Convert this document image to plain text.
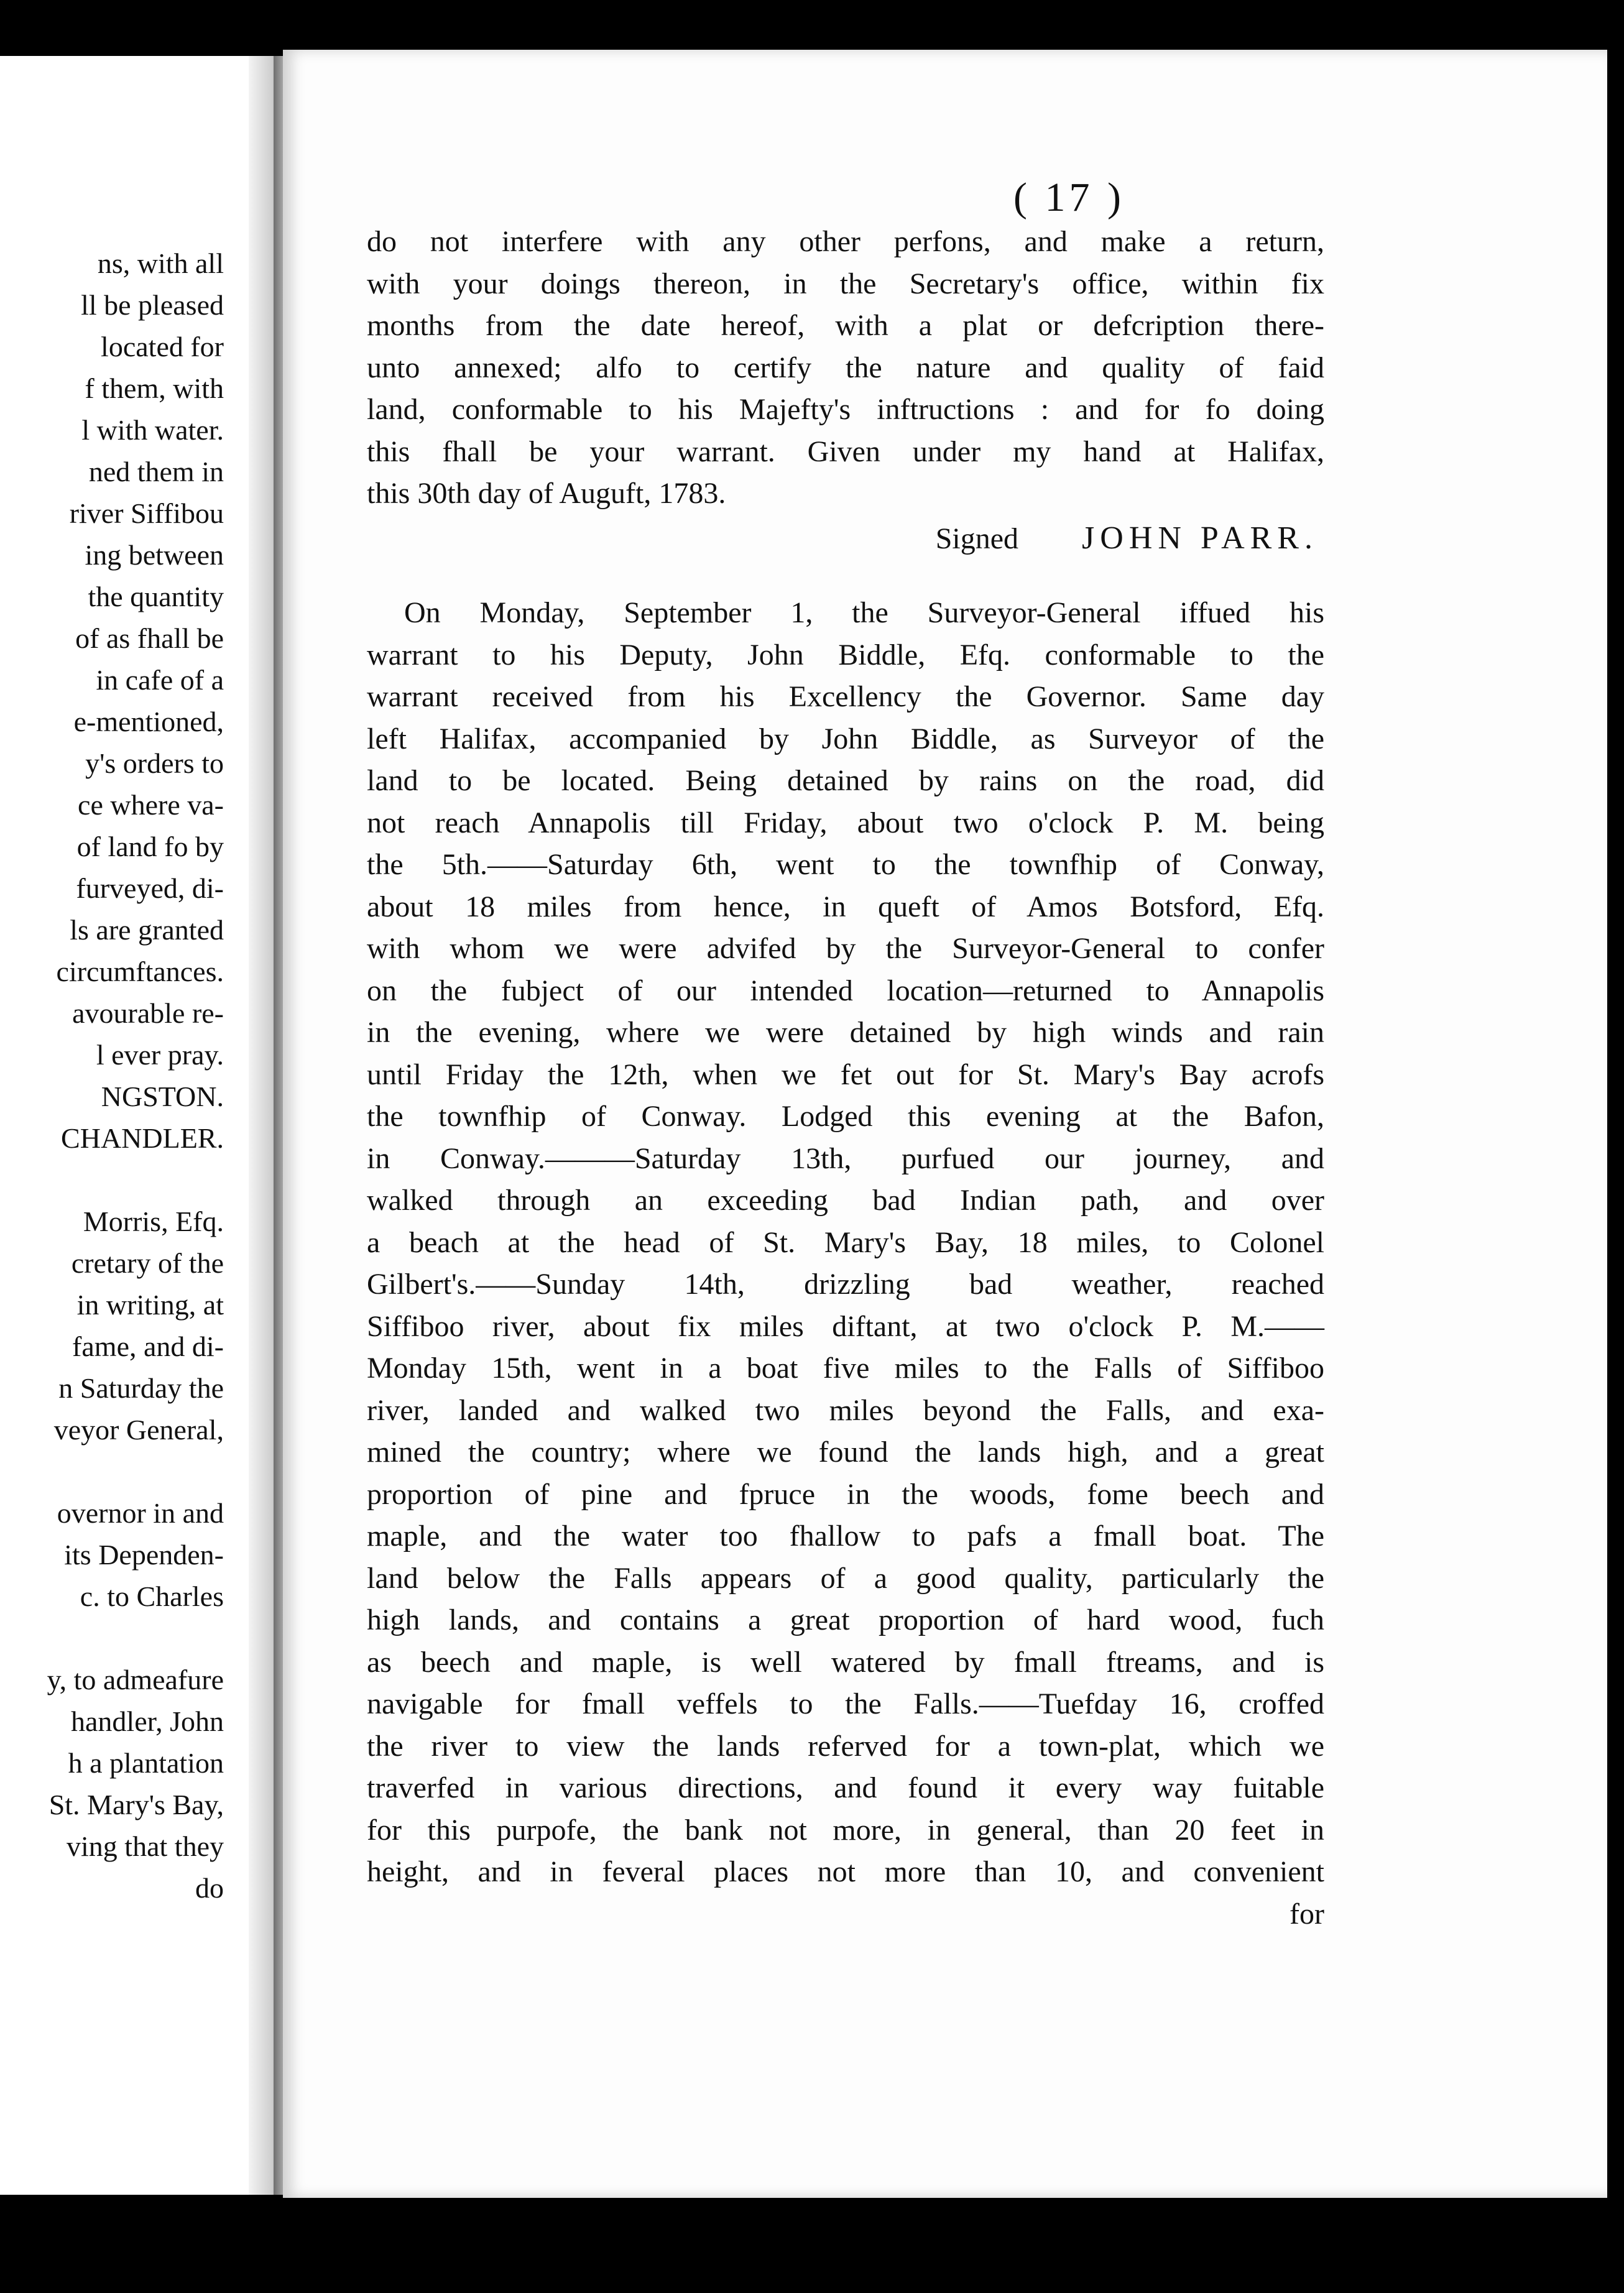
ns, with all
ll be pleased
located for
f them, with
l with water.
ned them in
river Siffibou
ing between
the quantity
of as fhall be
in cafe of a
e-mentioned,
y's orders to
ce where va-
of land fo by
furveyed, di-
ls are granted
circumftances.
avourable re-
l ever pray.
NGSTON.
CHANDLER.
Morris, Efq.
cretary of the
in writing, at
fame, and di-
n Saturday the
veyor General,
overnor in and
its Dependen-
c. to Charles
y, to admeafure
handler, John
h a plantation
St. Mary's Bay,
ving that they
do
( 17 )
do not interfere with any other perfons, and make a return,
with your doings thereon, in the Secretary's office, within fix
months from the date hereof, with a plat or defcription there-
unto annexed; alfo to certify the nature and quality of faid
land, conformable to his Majefty's inftructions : and for fo doing
this fhall be your warrant. Given under my hand at Halifax,
this 30th day of Auguft, 1783.
Signed JOHN PARR.
On Monday, September 1, the Surveyor-General iffued his
warrant to his Deputy, John Biddle, Efq. conformable to the
warrant received from his Excellency the Governor. Same day
left Halifax, accompanied by John Biddle, as Surveyor of the
land to be located. Being detained by rains on the road, did
not reach Annapolis till Friday, about two o'clock P. M. being
the 5th.——Saturday 6th, went to the townfhip of Conway,
about 18 miles from hence, in queft of Amos Botsford, Efq.
with whom we were advifed by the Surveyor-General to confer
on the fubject of our intended location—returned to Annapolis
in the evening, where we were detained by high winds and rain
until Friday the 12th, when we fet out for St. Mary's Bay acrofs
the townfhip of Conway. Lodged this evening at the Bafon,
in Conway.———Saturday 13th, purfued our journey, and
walked through an exceeding bad Indian path, and over
a beach at the head of St. Mary's Bay, 18 miles, to Colonel
Gilbert's.——Sunday 14th, drizzling bad weather, reached
Siffiboo river, about fix miles diftant, at two o'clock P. M.——
Monday 15th, went in a boat five miles to the Falls of Siffiboo
river, landed and walked two miles beyond the Falls, and exa-
mined the country; where we found the lands high, and a great
proportion of pine and fpruce in the woods, fome beech and
maple, and the water too fhallow to pafs a fmall boat. The
land below the Falls appears of a good quality, particularly the
high lands, and contains a great proportion of hard wood, fuch
as beech and maple, is well watered by fmall ftreams, and is
navigable for fmall veffels to the Falls.——Tuefday 16, croffed
the river to view the lands referved for a town-plat, which we
traverfed in various directions, and found it every way fuitable
for this purpofe, the bank not more, in general, than 20 feet in
height, and in feveral places not more than 10, and convenient
for
